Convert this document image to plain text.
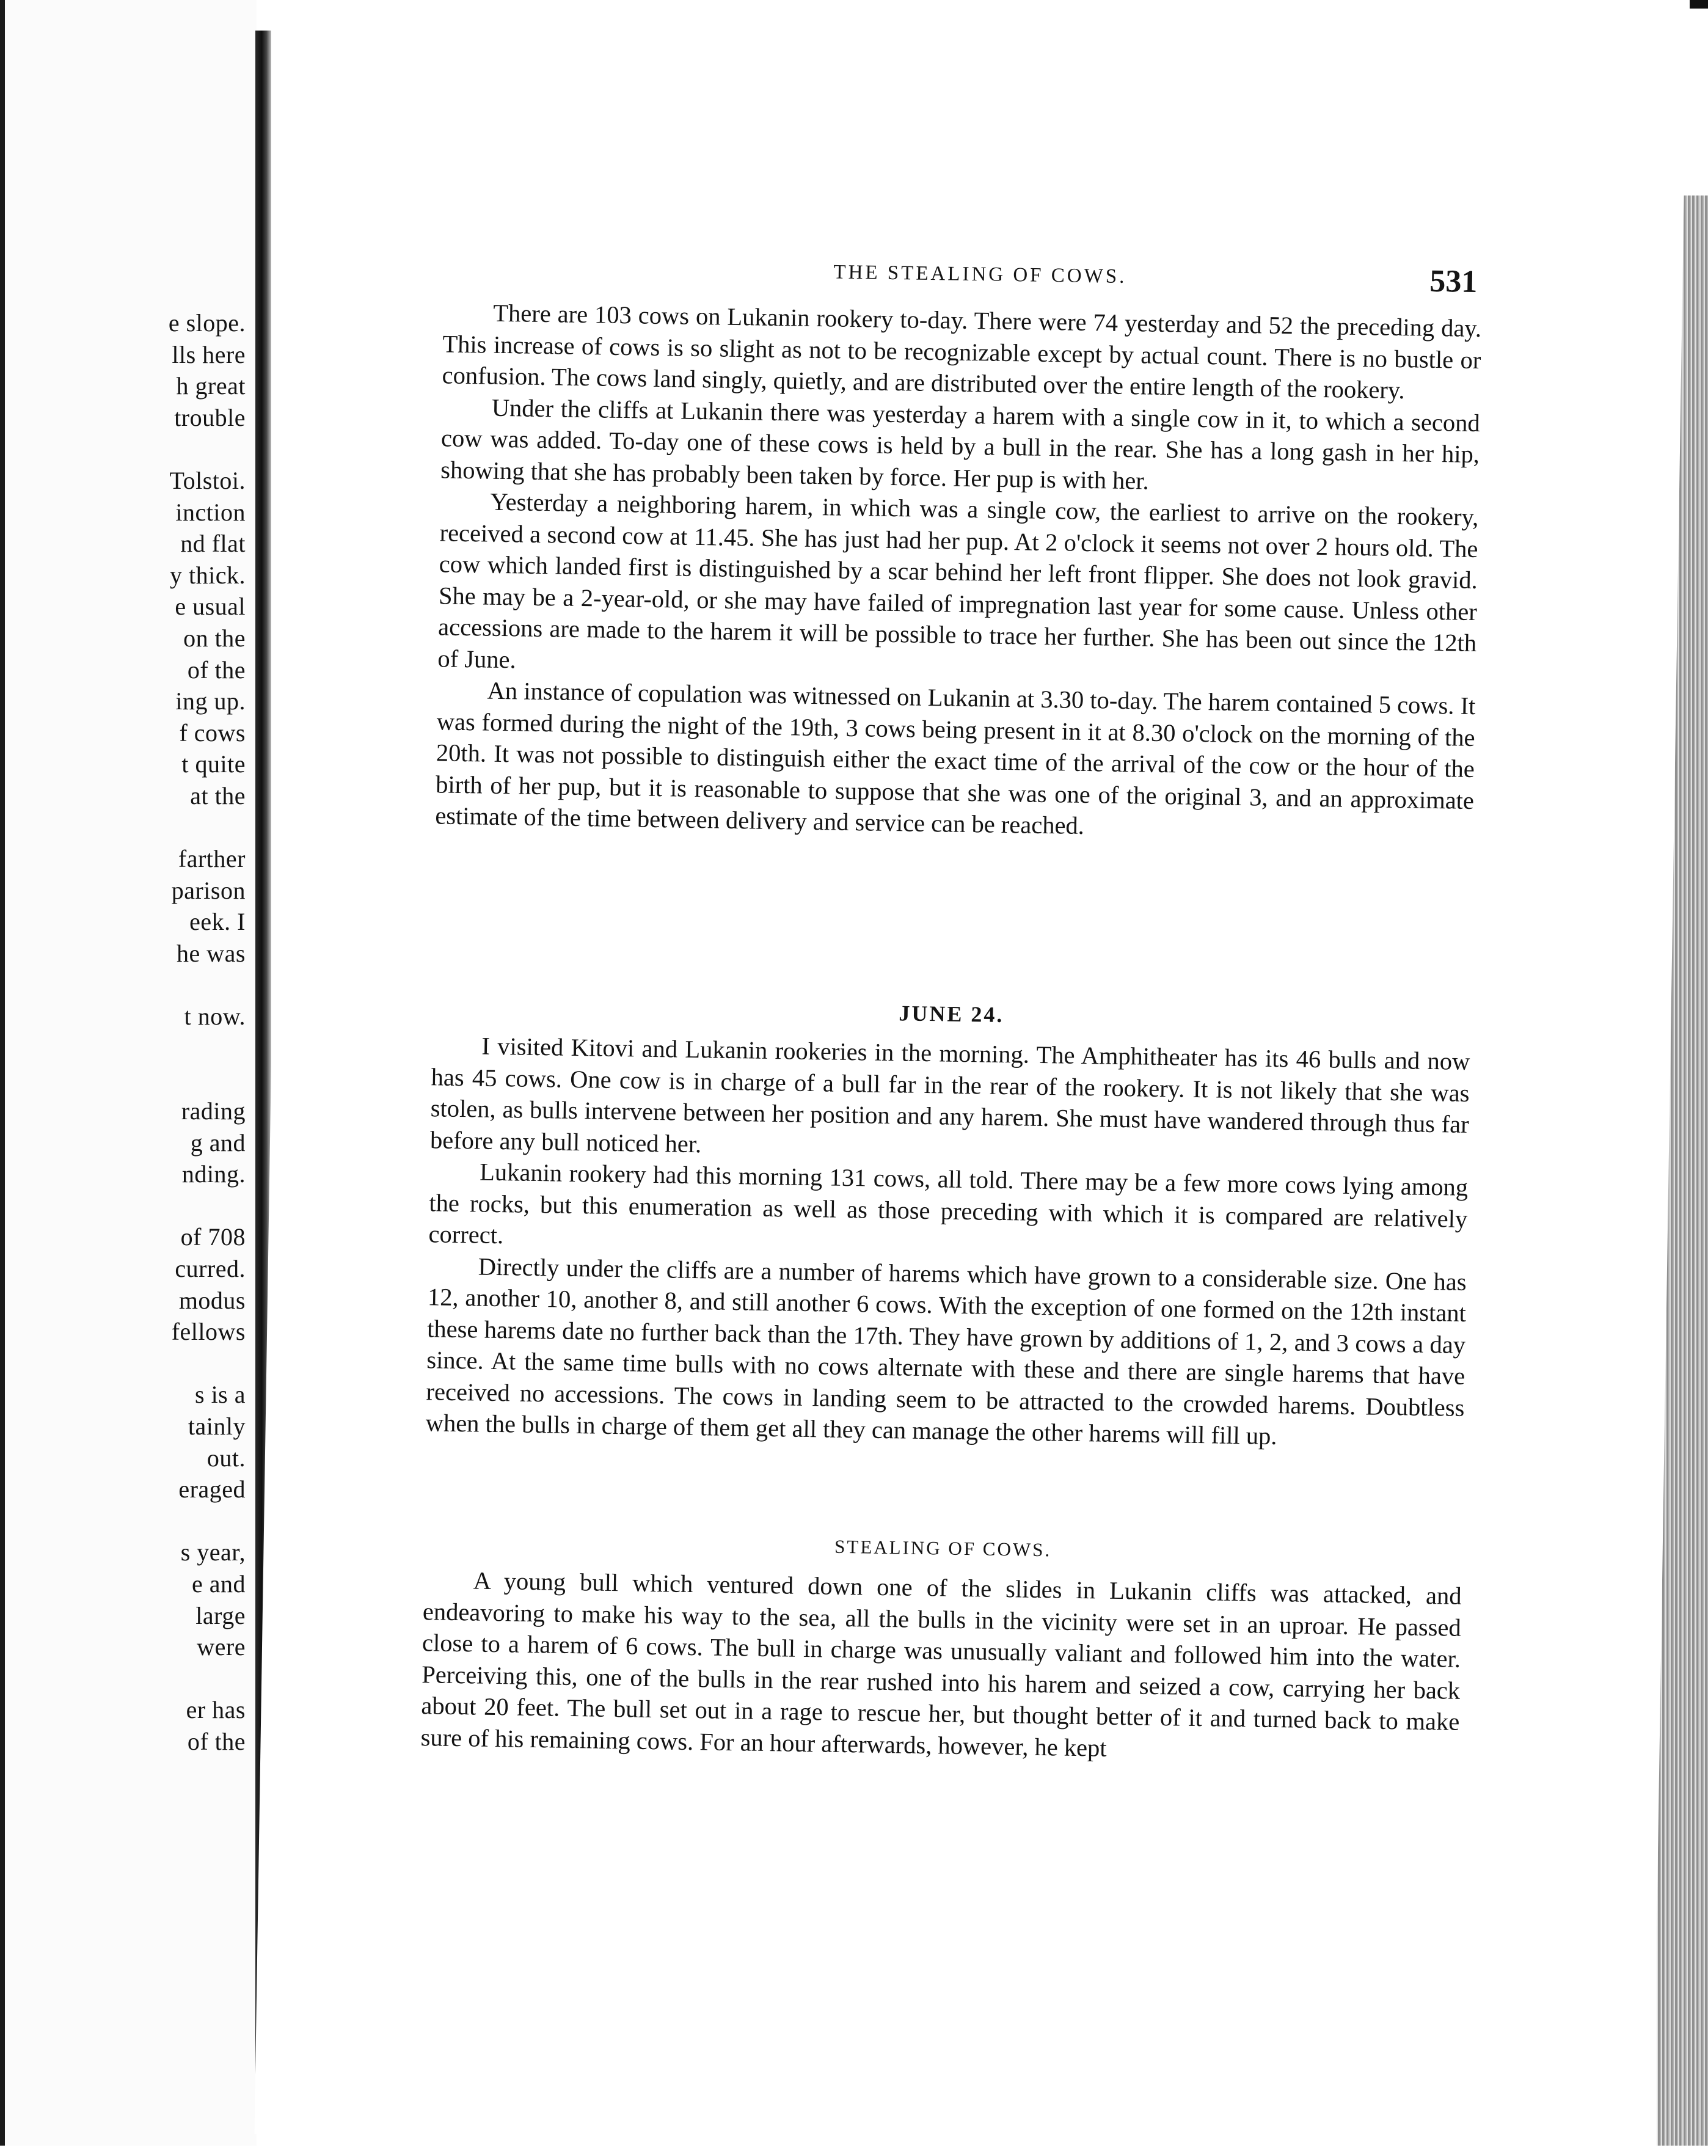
e slope.
lls here
h great
trouble
Tolstoi.
inction
nd flat
y thick.
e usual
on the
of the
ing up.
f cows
t quite
at the
farther
parison
eek. I
he was
t now.
rading
g and
nding.
of 708
curred.
modus
fellows
s is a
tainly
out.
eraged
s year,
e and
large
were
er has
of the
THE STEALING OF COWS.	531

There are 103 cows on Lukanin rookery to-day. There were 74 yesterday and 52 the preceding day. This increase of cows is so slight as not to be recognizable except by actual count. There is no bustle or confusion. The cows land singly, quietly, and are distributed over the entire length of the rookery.

Under the cliffs at Lukanin there was yesterday a harem with a single cow in it, to which a second cow was added. To-day one of these cows is held by a bull in the rear. She has a long gash in her hip, showing that she has probably been taken by force. Her pup is with her.

Yesterday a neighboring harem, in which was a single cow, the earliest to arrive on the rookery, received a second cow at 11.45. She has just had her pup. At 2 o'clock it seems not over 2 hours old. The cow which landed first is distinguished by a scar behind her left front flipper. She does not look gravid. She may be a 2-year-old, or she may have failed of impregnation last year for some cause. Unless other accessions are made to the harem it will be possible to trace her further. She has been out since the 12th of June.

An instance of copulation was witnessed on Lukanin at 3.30 to-day. The harem contained 5 cows. It was formed during the night of the 19th, 3 cows being present in it at 8.30 o'clock on the morning of the 20th. It was not possible to distinguish either the exact time of the arrival of the cow or the hour of the birth of her pup, but it is reasonable to suppose that she was one of the original 3, and an approximate estimate of the time between delivery and service can be reached.

JUNE 24.

I visited Kitovi and Lukanin rookeries in the morning. The Amphitheater has its 46 bulls and now has 45 cows. One cow is in charge of a bull far in the rear of the rookery. It is not likely that she was stolen, as bulls intervene between her position and any harem. She must have wandered through thus far before any bull noticed her.

Lukanin rookery had this morning 131 cows, all told. There may be a few more cows lying among the rocks, but this enumeration as well as those preceding with which it is compared are relatively correct.

Directly under the cliffs are a number of harems which have grown to a considerable size. One has 12, another 10, another 8, and still another 6 cows. With the exception of one formed on the 12th instant these harems date no further back than the 17th. They have grown by additions of 1, 2, and 3 cows a day since. At the same time bulls with no cows alternate with these and there are single harems that have received no accessions. The cows in landing seem to be attracted to the crowded harems. Doubtless when the bulls in charge of them get all they can manage the other harems will fill up.

STEALING OF COWS.

A young bull which ventured down one of the slides in Lukanin cliffs was attacked, and endeavoring to make his way to the sea, all the bulls in the vicinity were set in an uproar. He passed close to a harem of 6 cows. The bull in charge was unusually valiant and followed him into the water. Perceiving this, one of the bulls in the rear rushed into his harem and seized a cow, carrying her back about 20 feet. The bull set out in a rage to rescue her, but thought better of it and turned back to make sure of his remaining cows. For an hour afterwards, however, he kept
